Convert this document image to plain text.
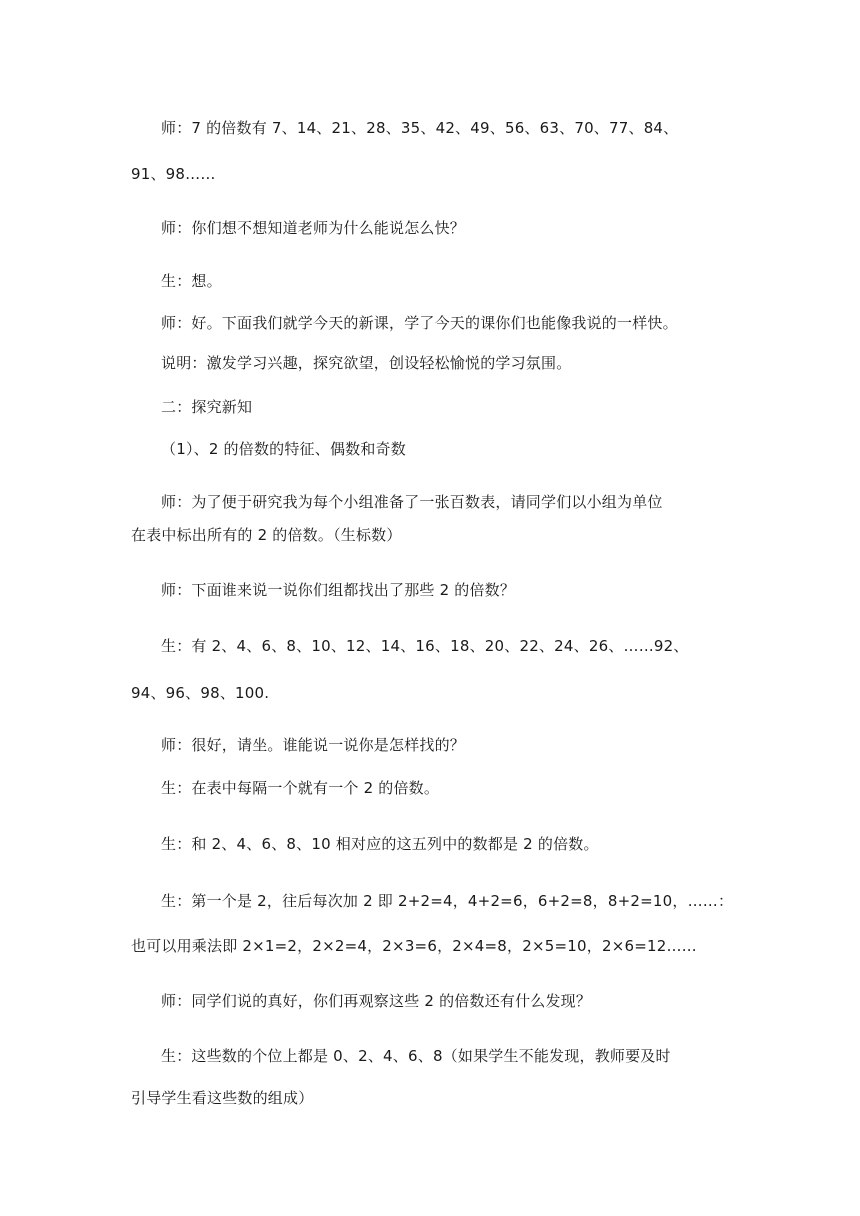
师：7 的倍数有 7、14、21、28、35、42、49、56、63、70、77、84、
91、98……
师：你们想不想知道老师为什么能说怎么快？
生：想。
师：好。下面我们就学今天的新课，学了今天的课你们也能像我说的一样快。
说明：激发学习兴趣，探究欲望，创设轻松愉悦的学习氛围。
二：探究新知
（1）、2 的倍数的特征、偶数和奇数
师：为了便于研究我为每个小组准备了一张百数表，请同学们以小组为单位
在表中标出所有的 2 的倍数。（生标数）
师：下面谁来说一说你们组都找出了那些 2 的倍数？
生：有 2、4、6、8、10、12、14、16、18、20、22、24、26、……92、
94、96、98、100.
师：很好，请坐。谁能说一说你是怎样找的？
生：在表中每隔一个就有一个 2 的倍数。
生：和 2、4、6、8、10 相对应的这五列中的数都是 2 的倍数。
生：第一个是 2，往后每次加 2 即 2+2=4，4+2=6，6+2=8，8+2=10，……：
也可以用乘法即 2×1=2，2×2=4，2×3=6，2×4=8，2×5=10，2×6=12……
师：同学们说的真好，你们再观察这些 2 的倍数还有什么发现？
生：这些数的个位上都是 0、2、4、6、8（如果学生不能发现，教师要及时
引导学生看这些数的组成）
